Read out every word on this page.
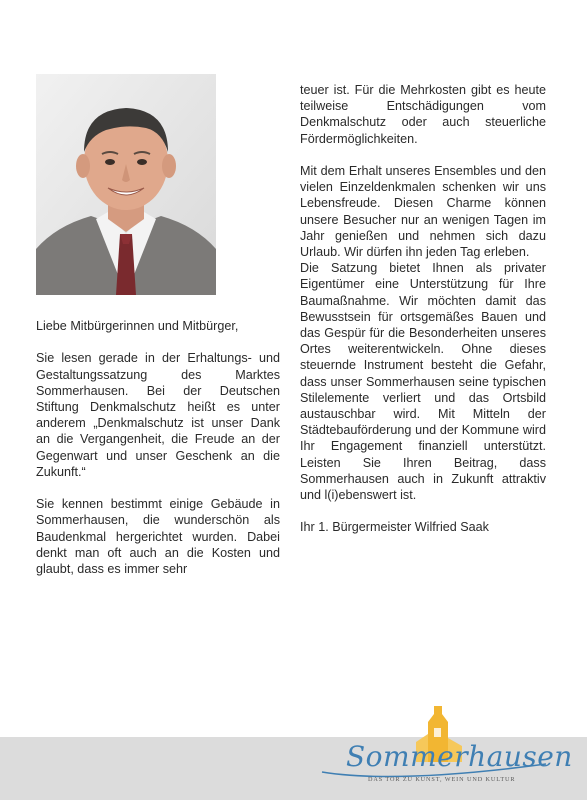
Liebe Mitbürgerinnen und Mitbürger,

Sie lesen gerade in der Erhaltungs- und Gestaltungssatzung des Marktes Sommerhausen. Bei der Deutschen Stiftung Denkmalschutz heißt es unter anderem „Denkmalschutz ist unser Dank an die Vergangenheit, die Freude an der Gegenwart und unser Geschenk an die Zukunft.“

Sie kennen bestimmt einige Gebäude in Sommerhausen, die wunderschön als Baudenkmal hergerichtet wurden. Dabei denkt man oft auch an die Kosten und glaubt, dass es immer sehr

teuer ist. Für die Mehrkosten gibt es heute teilweise Entschädigungen vom Denkmalschutz oder auch steuerliche Fördermöglichkeiten.

Mit dem Erhalt unseres Ensembles und den vielen Einzeldenkmalen schenken wir uns Lebensfreude. Diesen Charme können unsere Besucher nur an wenigen Tagen im Jahr genießen und nehmen sich dazu Urlaub. Wir dürfen ihn jeden Tag erleben.

Die Satzung bietet Ihnen als privater Eigentümer eine Unterstützung für Ihre Baumaßnahme. Wir möchten damit das Bewusstsein für ortsgemäßes Bauen und das Gespür für die Besonderheiten unseres Ortes weiterentwickeln. Ohne dieses steuernde Instrument besteht die Gefahr, dass unser Sommerhausen seine typischen Stilelemente verliert und das Ortsbild austauschbar wird. Mit Mitteln der Städtebauförderung und der Kommune wird Ihr Engagement finanziell unterstützt. Leisten Sie Ihren Beitrag, dass Sommerhausen auch in Zukunft attraktiv und l(i)ebenswert ist.

Ihr 1. Bürgermeister Wilfried Saak

Sommerhausen
DAS TOR ZU KUNST, WEIN UND KULTUR
